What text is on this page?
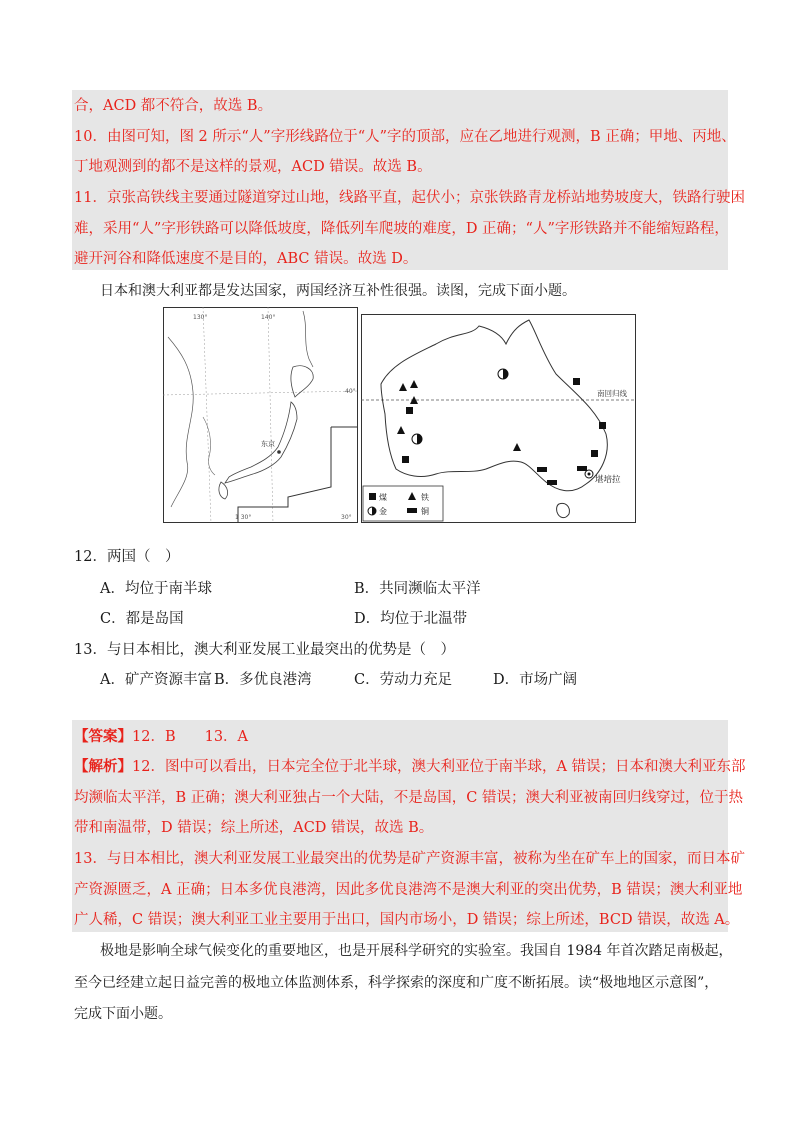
合，ACD 都不符合，故选 B。
10．由图可知，图 2 所示“人”字形线路位于“人”字的顶部，应在乙地进行观测，B 正确；甲地、丙地、
丁地观测到的都不是这样的景观，ACD 错误。故选 B。
11．京张高铁线主要通过隧道穿过山地，线路平直，起伏小；京张铁路青龙桥站地势坡度大，铁路行驶困
难，采用“人”字形铁路可以降低坡度，降低列车爬坡的难度，D 正确；“人”字形铁路并不能缩短路程，
避开河谷和降低速度不是目的，ABC 错误。故选 D。
日本和澳大利亚都是发达国家，两国经济互补性很强。读图，完成下面小题。
130°	140°
40°
东京
30°
1 30°
南回归线
堪培拉
煤	铁
金	铜
12．两国（　）
A．均位于南半球	B．共同濒临太平洋
C．都是岛国	D．均位于北温带
13．与日本相比，澳大利亚发展工业最突出的优势是（　）
A．矿产资源丰富 B．多优良港湾	C．劳动力充足	D．市场广阔
【答案】12．B　　13．A
【解析】12．图中可以看出，日本完全位于北半球，澳大利亚位于南半球，A 错误；日本和澳大利亚东部
均濒临太平洋，B 正确；澳大利亚独占一个大陆，不是岛国，C 错误；澳大利亚被南回归线穿过，位于热
带和南温带，D 错误；综上所述，ACD 错误，故选 B。
13．与日本相比，澳大利亚发展工业最突出的优势是矿产资源丰富，被称为坐在矿车上的国家，而日本矿
产资源匮乏，A 正确；日本多优良港湾，因此多优良港湾不是澳大利亚的突出优势，B 错误；澳大利亚地
广人稀，C 错误；澳大利亚工业主要用于出口，国内市场小，D 错误；综上所述，BCD 错误，故选 A。
极地是影响全球气候变化的重要地区，也是开展科学研究的实验室。我国自 1984 年首次踏足南极起，
至今已经建立起日益完善的极地立体监测体系，科学探索的深度和广度不断拓展。读“极地地区示意图”，
完成下面小题。
